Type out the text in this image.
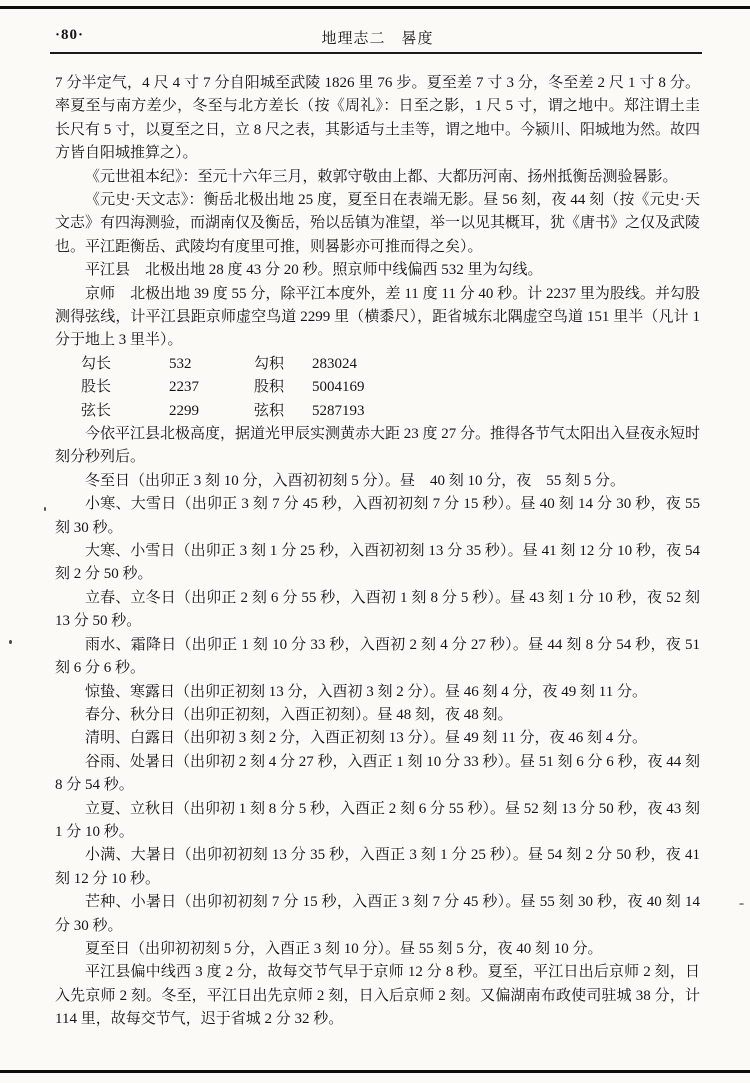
·80·	地理志二　晷度

7 分半定气，4 尺 4 寸 7 分自阳城至武陵 1826 里 76 步。夏至差 7 寸 3 分，冬至差 2 尺 1 寸 8 分。率夏至与南方差少，冬至与北方差长（按《周礼》：日至之影，1 尺 5 寸，谓之地中。郑注谓土圭长尺有 5 寸，以夏至之日，立 8 尺之表，其影适与土圭等，谓之地中。今颍川、阳城地为然。故四方皆自阳城推算之）。

《元世祖本纪》：至元十六年三月，敕郭守敬由上都、大都历河南、扬州抵衡岳测验晷影。

《元史·天文志》：衡岳北极出地 25 度，夏至日在表端无影。昼 56 刻，夜 44 刻（按《元史·天文志》有四海测验，而湖南仅及衡岳，殆以岳镇为准望，举一以见其概耳，犹《唐书》之仅及武陵也。平江距衡岳、武陵均有度里可推，则晷影亦可推而得之矣）。

平江县　北极出地 28 度 43 分 20 秒。照京师中线偏西 532 里为勾线。

京师　北极出地 39 度 55 分，除平江本度外，差 11 度 11 分 40 秒。计 2237 里为股线。并勾股测得弦线，计平江县距京师虚空鸟道 2299 里（横黍尺），距省城东北隅虚空鸟道 151 里半（凡计 1 分于地上 3 里半）。

勾长	532	勾积	283024
股长	2237	股积	5004169
弦长	2299	弦积	5287193

今依平江县北极高度，据道光甲辰实测黄赤大距 23 度 27 分。推得各节气太阳出入昼夜永短时刻分秒列后。

冬至日（出卯正 3 刻 10 分，入酉初初刻 5 分）。昼　40 刻 10 分，夜　55 刻 5 分。

小寒、大雪日（出卯正 3 刻 7 分 45 秒，入酉初初刻 7 分 15 秒）。昼 40 刻 14 分 30 秒，夜 55 刻 30 秒。

大寒、小雪日（出卯正 3 刻 1 分 25 秒，入酉初初刻 13 分 35 秒）。昼 41 刻 12 分 10 秒，夜 54 刻 2 分 50 秒。

立春、立冬日（出卯正 2 刻 6 分 55 秒，入酉初 1 刻 8 分 5 秒）。昼 43 刻 1 分 10 秒，夜 52 刻 13 分 50 秒。

雨水、霜降日（出卯正 1 刻 10 分 33 秒，入酉初 2 刻 4 分 27 秒）。昼 44 刻 8 分 54 秒，夜 51 刻 6 分 6 秒。

惊蛰、寒露日（出卯正初刻 13 分，入酉初 3 刻 2 分）。昼 46 刻 4 分，夜 49 刻 11 分。

春分、秋分日（出卯正初刻，入酉正初刻）。昼 48 刻，夜 48 刻。

清明、白露日（出卯初 3 刻 2 分，入酉正初刻 13 分）。昼 49 刻 11 分，夜 46 刻 4 分。

谷雨、处暑日（出卯初 2 刻 4 分 27 秒，入酉正 1 刻 10 分 33 秒）。昼 51 刻 6 分 6 秒，夜 44 刻 8 分 54 秒。

立夏、立秋日（出卯初 1 刻 8 分 5 秒，入酉正 2 刻 6 分 55 秒）。昼 52 刻 13 分 50 秒，夜 43 刻 1 分 10 秒。

小满、大暑日（出卯初初刻 13 分 35 秒，入酉正 3 刻 1 分 25 秒）。昼 54 刻 2 分 50 秒，夜 41 刻 12 分 10 秒。

芒种、小暑日（出卯初初刻 7 分 15 秒，入酉正 3 刻 7 分 45 秒）。昼 55 刻 30 秒，夜 40 刻 14 分 30 秒。

夏至日（出卯初初刻 5 分，入酉正 3 刻 10 分）。昼 55 刻 5 分，夜 40 刻 10 分。

平江县偏中线西 3 度 2 分，故每交节气早于京师 12 分 8 秒。夏至，平江日出后京师 2 刻，日入先京师 2 刻。冬至，平江日出先京师 2 刻，日入后京师 2 刻。又偏湖南布政使司驻城 38 分，计 114 里，故每交节气，迟于省城 2 分 32 秒。
